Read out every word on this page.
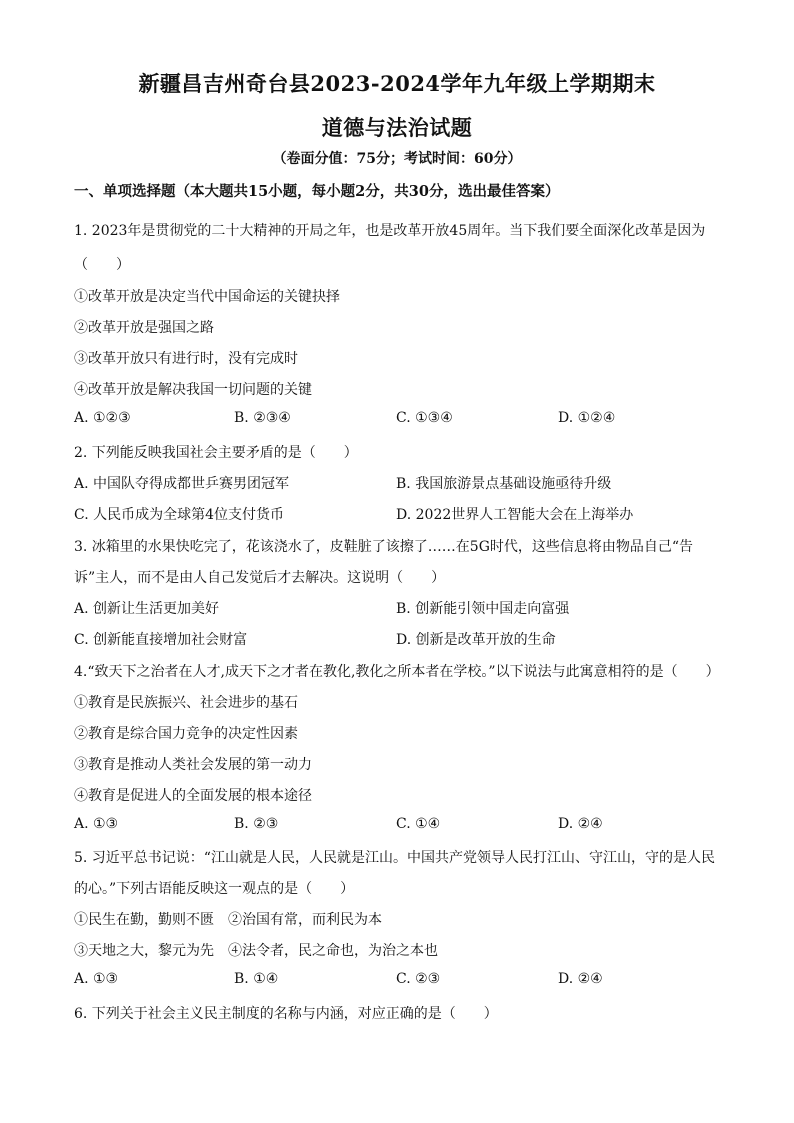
新疆昌吉州奇台县2023-2024学年九年级上学期期末
道德与法治试题
（卷面分值：75分；考试时间：60分）
一、单项选择题（本大题共15小题，每小题2分，共30分，选出最佳答案）
1. 2023年是贯彻党的二十大精神的开局之年，也是改革开放45周年。当下我们要全面深化改革是因为
（　　）
①改革开放是决定当代中国命运的关键抉择
②改革开放是强国之路
③改革开放只有进行时，没有完成时
④改革开放是解决我国一切问题的关键
A. ①②③	B. ②③④	C. ①③④	D. ①②④
2. 下列能反映我国社会主要矛盾的是（　　）
A. 中国队夺得成都世乒赛男团冠军	B. 我国旅游景点基础设施亟待升级
C. 人民币成为全球第4位支付货币	D. 2022世界人工智能大会在上海举办
3. 冰箱里的水果快吃完了，花该浇水了，皮鞋脏了该擦了……在5G时代，这些信息将由物品自己“告
诉”主人，而不是由人自己发觉后才去解决。这说明（　　）
A. 创新让生活更加美好	B. 创新能引领中国走向富强
C. 创新能直接增加社会财富	D. 创新是改革开放的生命
4.“致天下之治者在人才,成天下之才者在教化,教化之所本者在学校。”以下说法与此寓意相符的是（　　）
①教育是民族振兴、社会进步的基石
②教育是综合国力竞争的决定性因素
③教育是推动人类社会发展的第一动力
④教育是促进人的全面发展的根本途径
A. ①③	B. ②③	C. ①④	D. ②④
5. 习近平总书记说：“江山就是人民，人民就是江山。中国共产党领导人民打江山、守江山，守的是人民
的心。”下列古语能反映这一观点的是（　　）
①民生在勤，勤则不匮　②治国有常，而利民为本
③天地之大，黎元为先　④法令者，民之命也，为治之本也
A. ①③	B. ①④	C. ②③	D. ②④
6. 下列关于社会主义民主制度的名称与内涵，对应正确的是（　　）
